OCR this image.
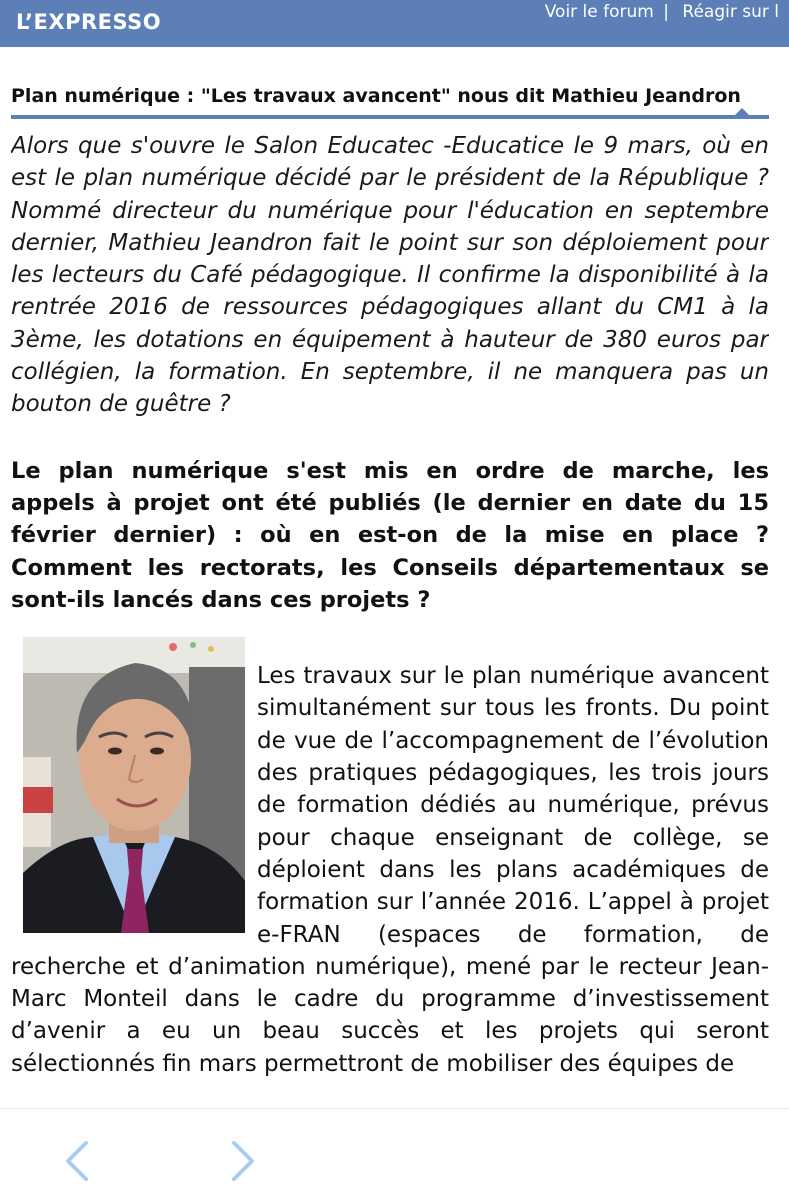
L’EXPRESSO	Voir le forum | Réagir sur l
Plan numérique : "Les travaux avancent" nous dit Mathieu Jeandron

Alors que s'ouvre le Salon Educatec -Educatice le 9 mars, où en est le plan numérique décidé par le président de la République ? Nommé directeur du numérique pour l'éducation en septembre dernier, Mathieu Jeandron fait le point sur son déploiement pour les lecteurs du Café pédagogique. Il confirme la disponibilité à la rentrée 2016 de ressources pédagogiques allant du CM1 à la 3ème, les dotations en équipement à hauteur de 380 euros par collégien, la formation. En septembre, il ne manquera pas un bouton de guêtre ?

Le plan numérique s'est mis en ordre de marche, les appels à projet ont été publiés (le dernier en date du 15 février dernier) : où en est-on de la mise en place ? Comment les rectorats, les Conseils départementaux se sont-ils lancés dans ces projets ?

Les travaux sur le plan numérique avancent simultanément sur tous les fronts. Du point de vue de l’accompagnement de l’évolution des pratiques pédagogiques, les trois jours de formation dédiés au numérique, prévus pour chaque enseignant de collège, se déploient dans les plans académiques de formation sur l’année 2016. L’appel à projet e-FRAN (espaces de formation, de recherche et d’animation numérique), mené par le recteur Jean-Marc Monteil dans le cadre du programme d’investissement d’avenir a eu un beau succès et les projets qui seront sélectionnés fin mars permettront de mobiliser des équipes de
